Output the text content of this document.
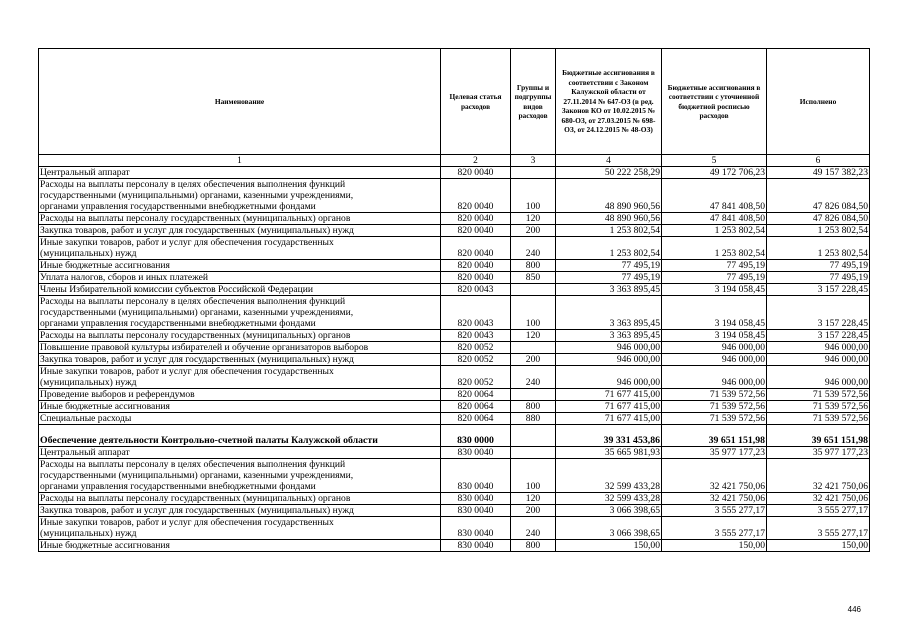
Наименование	Целевая статья расходов	Группы и подгруппы видов расходов	Бюджетные ассигнования в соответствии с Законом Калужской области от 27.11.2014 № 647-ОЗ (в ред. Законов КО от 10.02.2015 № 680-ОЗ, от 27.03.2015 № 698-ОЗ, от 24.12.2015 № 48-ОЗ)	Бюджетные ассигнования в соответствии с уточненной бюджетной росписью расходов	Исполнено
1	2	3	4	5	6
Центральный аппарат	820 0040		50 222 258,29	49 172 706,23	49 157 382,23
Расходы на выплаты персоналу в целях обеспечения выполнения функций
государственными (муниципальными) органами, казенными учреждениями,
органами управления государственными внебюджетными фондами	820 0040	100	48 890 960,56	47 841 408,50	47 826 084,50
Расходы на выплаты персоналу государственных (муниципальных) органов	820 0040	120	48 890 960,56	47 841 408,50	47 826 084,50
Закупка товаров, работ и услуг для государственных (муниципальных) нужд	820 0040	200	1 253 802,54	1 253 802,54	1 253 802,54
Иные закупки товаров, работ и услуг для обеспечения государственных
(муниципальных) нужд	820 0040	240	1 253 802,54	1 253 802,54	1 253 802,54
Иные бюджетные ассигнования	820 0040	800	77 495,19	77 495,19	77 495,19
Уплата налогов, сборов и иных платежей	820 0040	850	77 495,19	77 495,19	77 495,19
Члены Избирательной комиссии субъектов Российской Федерации	820 0043		3 363 895,45	3 194 058,45	3 157 228,45
Расходы на выплаты персоналу в целях обеспечения выполнения функций
государственными (муниципальными) органами, казенными учреждениями,
органами управления государственными внебюджетными фондами	820 0043	100	3 363 895,45	3 194 058,45	3 157 228,45
Расходы на выплаты персоналу государственных (муниципальных) органов	820 0043	120	3 363 895,45	3 194 058,45	3 157 228,45
Повышение правовой культуры избирателей и обучение организаторов выборов	820 0052		946 000,00	946 000,00	946 000,00
Закупка товаров, работ и услуг для государственных (муниципальных) нужд	820 0052	200	946 000,00	946 000,00	946 000,00
Иные закупки товаров, работ и услуг для обеспечения государственных
(муниципальных) нужд	820 0052	240	946 000,00	946 000,00	946 000,00
Проведение выборов и референдумов	820 0064		71 677 415,00	71 539 572,56	71 539 572,56
Иные бюджетные ассигнования	820 0064	800	71 677 415,00	71 539 572,56	71 539 572,56
Специальные расходы	820 0064	880	71 677 415,00	71 539 572,56	71 539 572,56
Обеспечение деятельности Контрольно-счетной палаты Калужской области	830 0000		39 331 453,86	39 651 151,98	39 651 151,98
Центральный аппарат	830 0040		35 665 981,93	35 977 177,23	35 977 177,23
Расходы на выплаты персоналу в целях обеспечения выполнения функций
государственными (муниципальными) органами, казенными учреждениями,
органами управления государственными внебюджетными фондами	830 0040	100	32 599 433,28	32 421 750,06	32 421 750,06
Расходы на выплаты персоналу государственных (муниципальных) органов	830 0040	120	32 599 433,28	32 421 750,06	32 421 750,06
Закупка товаров, работ и услуг для государственных (муниципальных) нужд	830 0040	200	3 066 398,65	3 555 277,17	3 555 277,17
Иные закупки товаров, работ и услуг для обеспечения государственных
(муниципальных) нужд	830 0040	240	3 066 398,65	3 555 277,17	3 555 277,17
Иные бюджетные ассигнования	830 0040	800	150,00	150,00	150,00
446
